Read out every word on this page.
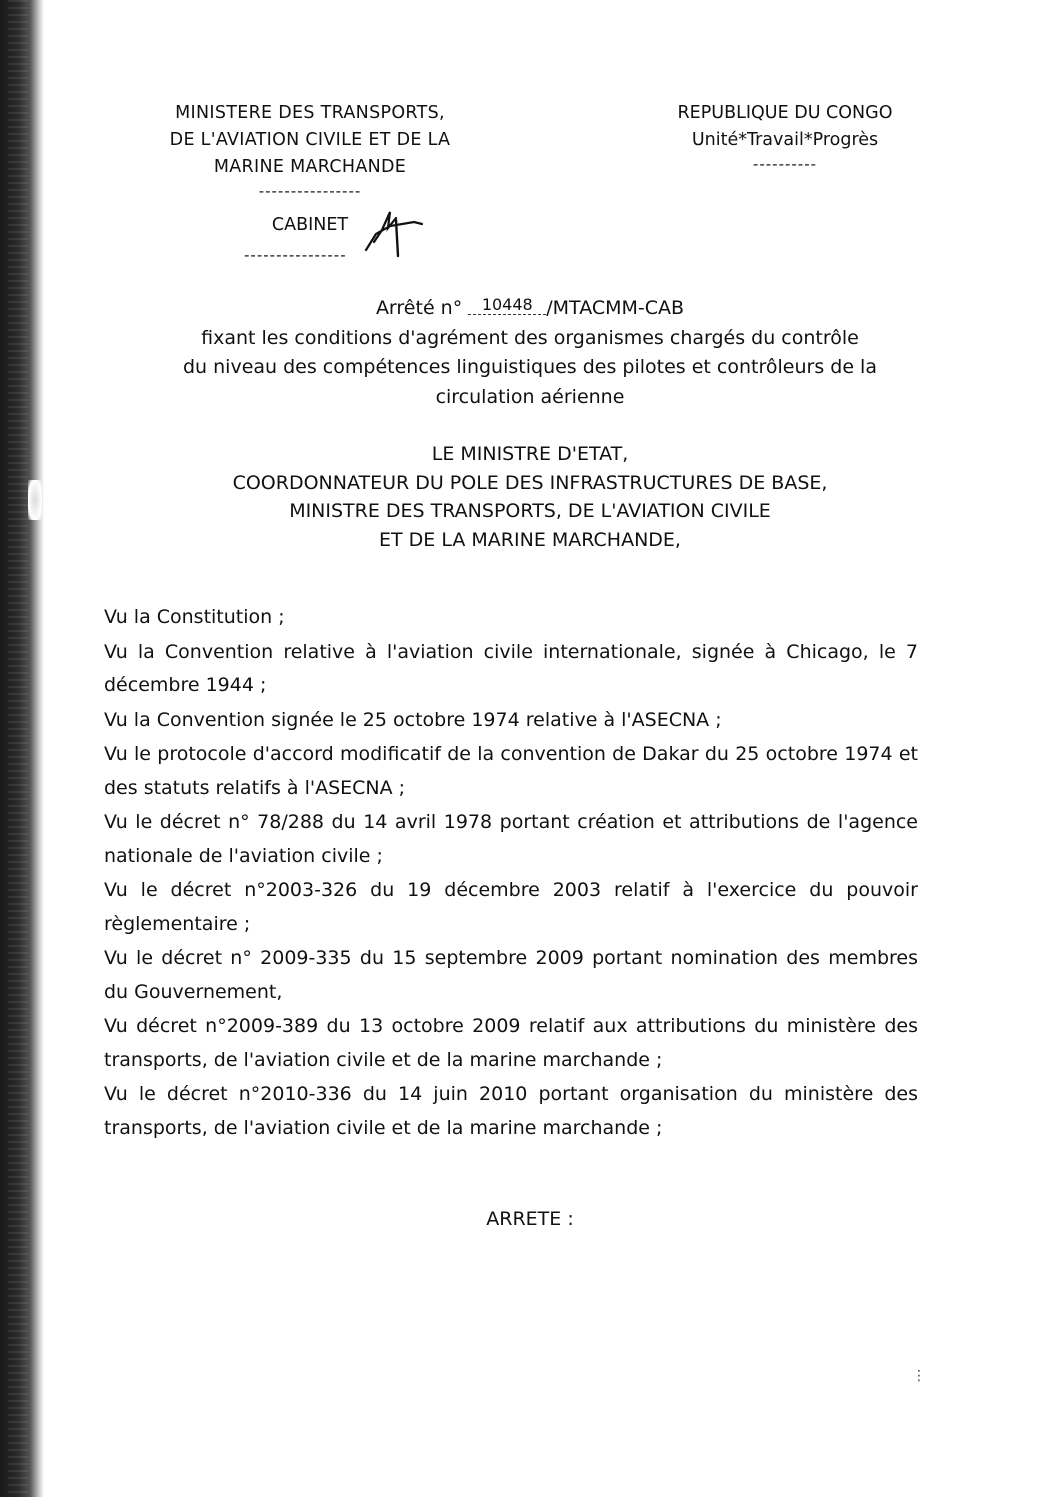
MINISTERE DES TRANSPORTS,
DE L'AVIATION CIVILE ET DE LA
MARINE MARCHANDE
----------------
CABINET
----------------
REPUBLIQUE DU CONGO
Unité*Travail*Progrès
----------
Arrêté n° 10448 /MTACMM-CAB
fixant les conditions d'agrément des organismes chargés du contrôle
du niveau des compétences linguistiques des pilotes et contrôleurs de la
circulation aérienne
LE MINISTRE D'ETAT,
COORDONNATEUR DU POLE DES INFRASTRUCTURES DE BASE,
MINISTRE DES TRANSPORTS, DE L'AVIATION CIVILE
ET DE LA MARINE MARCHANDE,

Vu la Constitution ;

Vu la Convention relative à l'aviation civile internationale, signée à Chicago, le 7 décembre 1944 ;

Vu la Convention signée le 25 octobre 1974 relative à l'ASECNA ;

Vu le protocole d'accord modificatif de la convention de Dakar du 25 octobre 1974 et des statuts relatifs à l'ASECNA ;

Vu le décret n° 78/288 du 14 avril 1978 portant création et attributions de l'agence nationale de l'aviation civile ;

Vu le décret n°2003-326 du 19 décembre 2003 relatif à l'exercice du pouvoir règlementaire ;

Vu le décret n° 2009-335 du 15 septembre 2009 portant nomination des membres du Gouvernement,

Vu décret n°2009-389 du 13 octobre 2009 relatif aux attributions du ministère des transports, de l'aviation civile et de la marine marchande ;

Vu le décret n°2010-336 du 14 juin 2010 portant organisation du ministère des transports, de l'aviation civile et de la marine marchande ;

ARRETE :
⋮
